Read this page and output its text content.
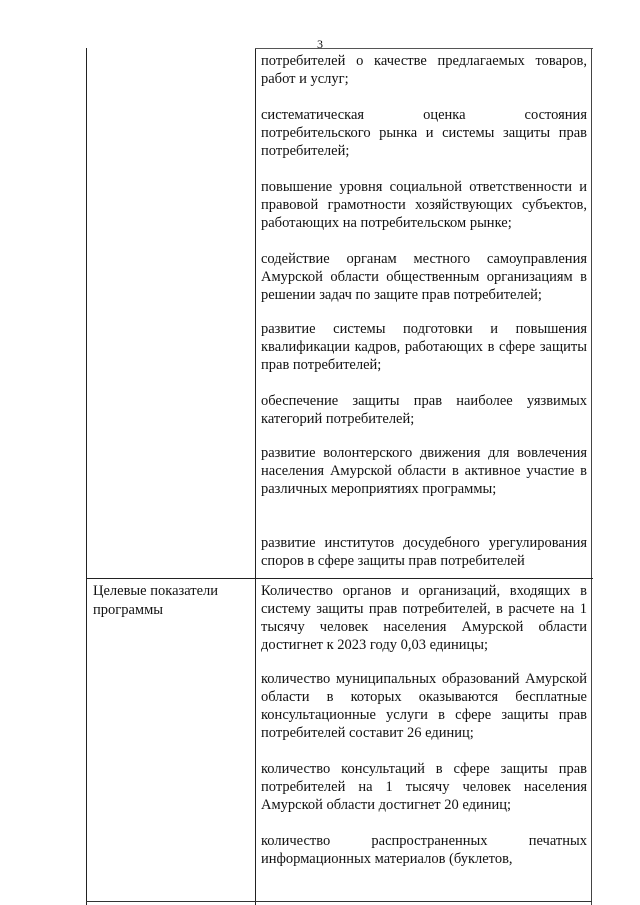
3
потребителей о качестве предлагаемых товаров, работ и услуг;
систематическая оценка состояния потребительского рынка и системы защиты прав потребителей;
повышение уровня социальной ответственности и правовой грамотности хозяйствующих субъектов, работающих на потребительском рынке;
содействие органам местного самоуправления Амурской области общественным организациям в решении задач по защите прав потребителей;
развитие системы подготовки и повышения квалификации кадров, работающих в сфере защиты прав потребителей;
обеспечение защиты прав наиболее уязвимых категорий потребителей;
развитие волонтерского движения для вовлечения населения Амурской области в активное участие в различных мероприятиях программы;
развитие институтов досудебного урегулирования споров в сфере защиты прав потребителей
Целевые показатели программы
Количество органов и организаций, входящих в систему защиты прав потребителей, в расчете на 1 тысячу человек населения Амурской области достигнет к 2023 году 0,03 единицы;
количество муниципальных образований Амурской области в которых оказываются бесплатные консультационные услуги в сфере защиты прав потребителей составит 26 единиц;
количество консультаций в сфере защиты прав потребителей на 1 тысячу человек населения Амурской области достигнет 20 единиц;
количество распространенных печатных информационных материалов (буклетов,
